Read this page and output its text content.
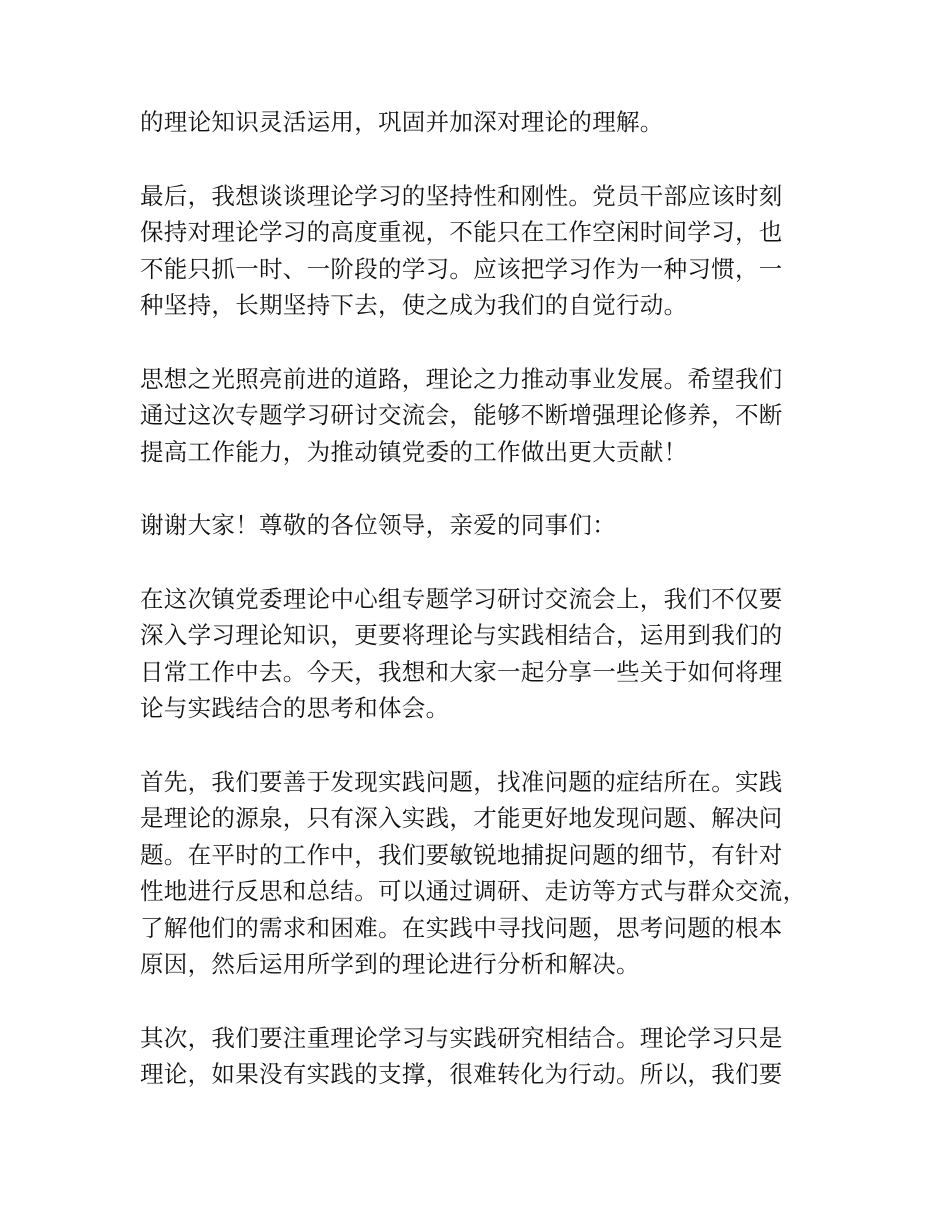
的理论知识灵活运用，巩固并加深对理论的理解。

最后，我想谈谈理论学习的坚持性和刚性。党员干部应该时刻
保持对理论学习的高度重视，不能只在工作空闲时间学习，也
不能只抓一时、一阶段的学习。应该把学习作为一种习惯，一
种坚持，长期坚持下去，使之成为我们的自觉行动。

思想之光照亮前进的道路，理论之力推动事业发展。希望我们
通过这次专题学习研讨交流会，能够不断增强理论修养，不断
提高工作能力，为推动镇党委的工作做出更大贡献！

谢谢大家！尊敬的各位领导，亲爱的同事们：

在这次镇党委理论中心组专题学习研讨交流会上，我们不仅要
深入学习理论知识，更要将理论与实践相结合，运用到我们的
日常工作中去。今天，我想和大家一起分享一些关于如何将理
论与实践结合的思考和体会。

首先，我们要善于发现实践问题，找准问题的症结所在。实践
是理论的源泉，只有深入实践，才能更好地发现问题、解决问
题。在平时的工作中，我们要敏锐地捕捉问题的细节，有针对
性地进行反思和总结。可以通过调研、走访等方式与群众交流，
了解他们的需求和困难。在实践中寻找问题，思考问题的根本
原因，然后运用所学到的理论进行分析和解决。

其次，我们要注重理论学习与实践研究相结合。理论学习只是
理论，如果没有实践的支撑，很难转化为行动。所以，我们要
